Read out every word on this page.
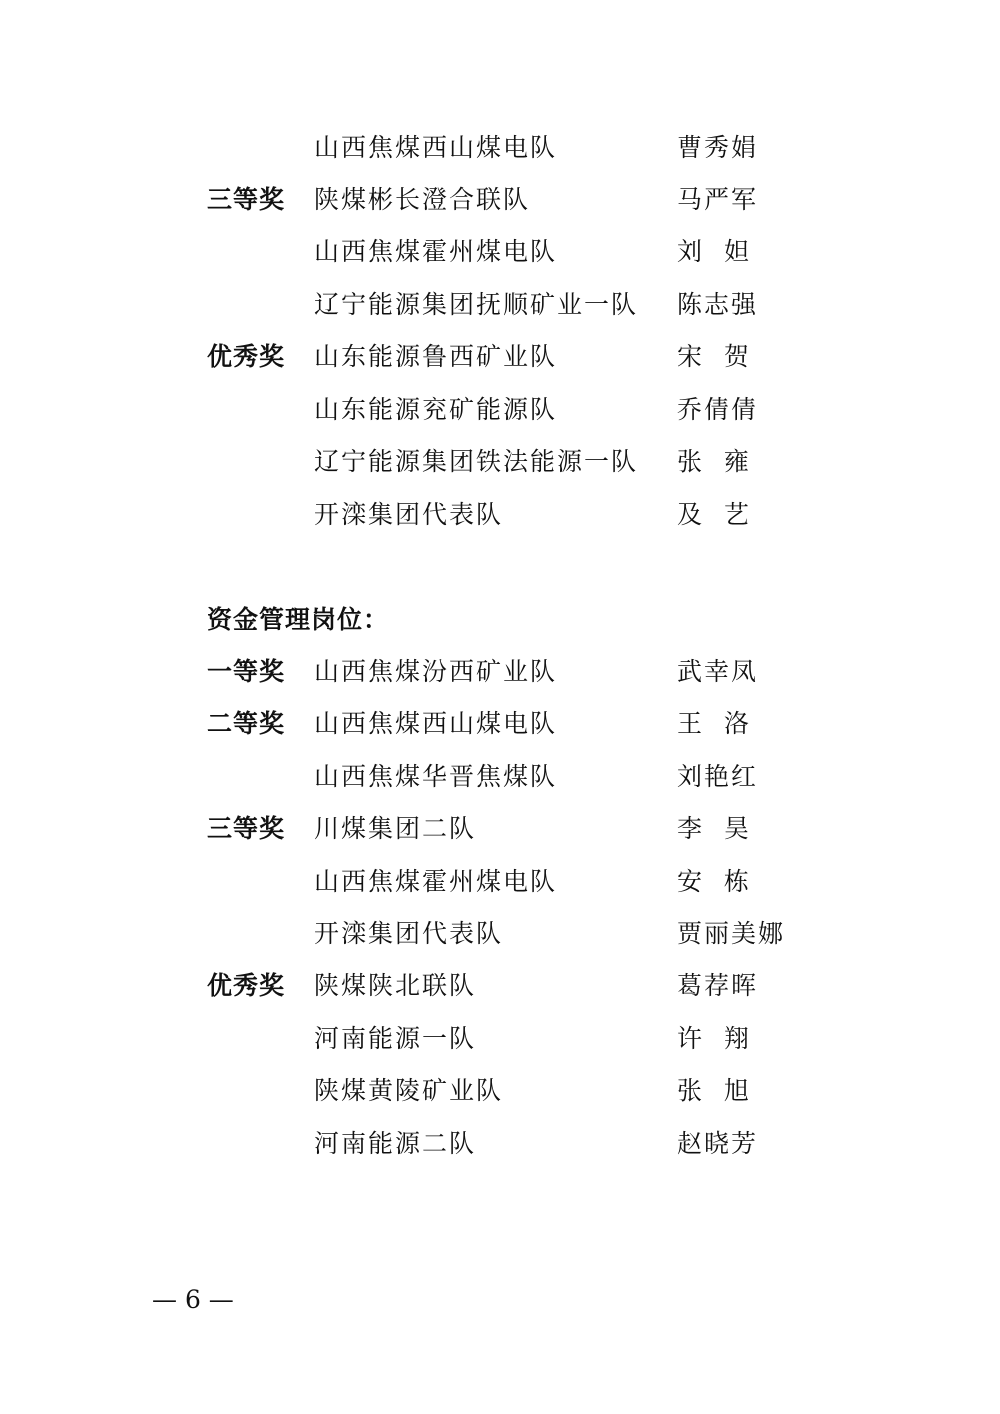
山西焦煤西山煤电队	曹秀娟
三等奖 陕煤彬长澄合联队	马严军
山西焦煤霍州煤电队	刘  妲
辽宁能源集团抚顺矿业一队 陈志强
优秀奖 山东能源鲁西矿业队	宋  贺
山东能源兖矿能源队	乔倩倩
辽宁能源集团铁法能源一队 张  雍
开滦集团代表队	及  艺
资金管理岗位：
一等奖 山西焦煤汾西矿业队	武幸凤
二等奖 山西焦煤西山煤电队	王  洛
山西焦煤华晋焦煤队	刘艳红
三等奖 川煤集团二队	李  昊
山西焦煤霍州煤电队	安  栋
开滦集团代表队	贾丽美娜
优秀奖 陕煤陕北联队	葛荐晖
河南能源一队	许  翔
陕煤黄陵矿业队	张  旭
河南能源二队	赵晓芳
— 6 —
